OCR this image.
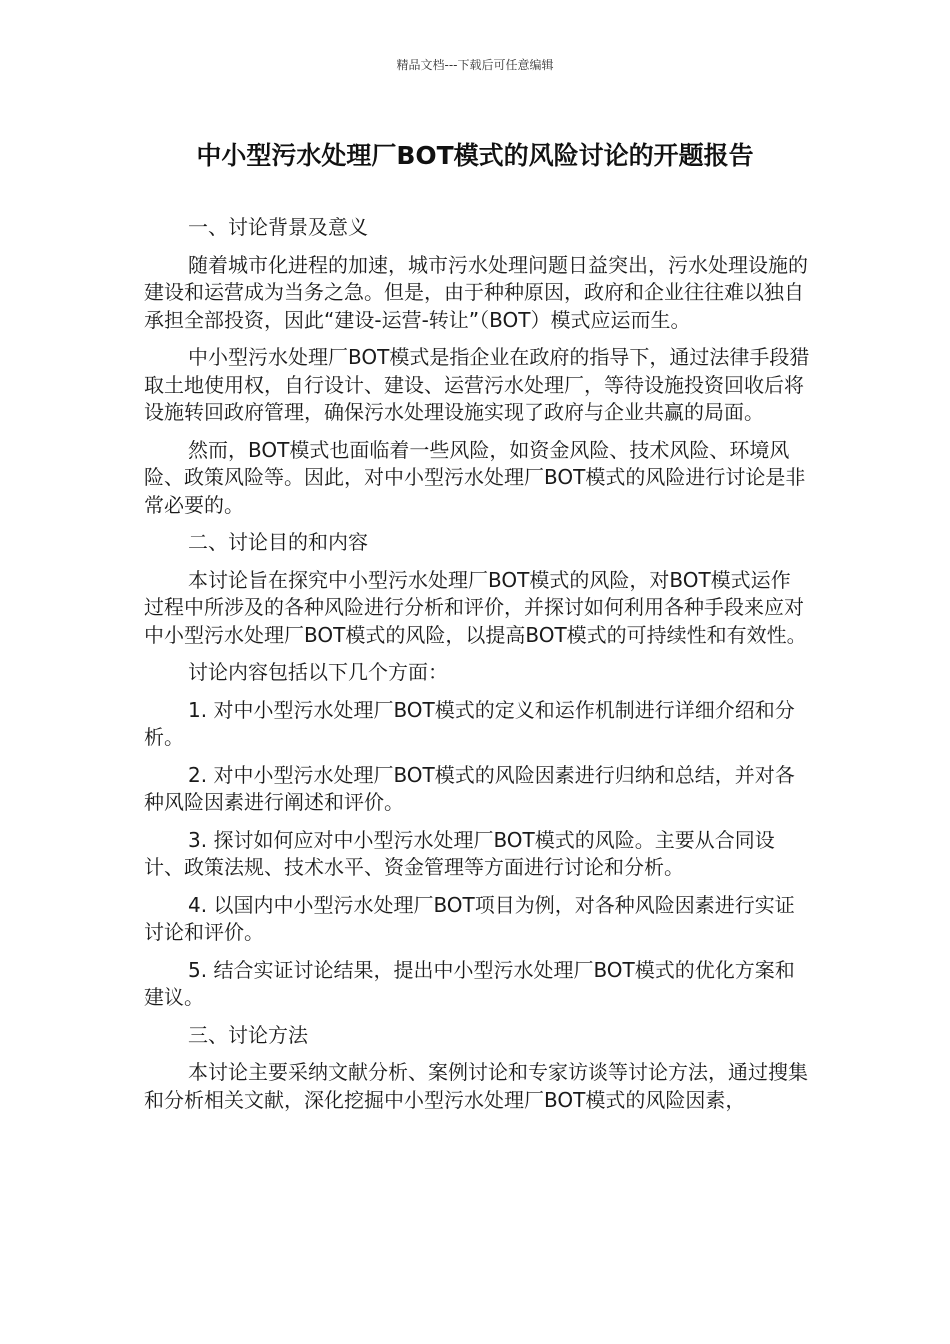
精品文档---下载后可任意编辑
中小型污水处理厂BOT模式的风险讨论的开题报告
一、讨论背景及意义

随着城市化进程的加速，城市污水处理问题日益突出，污水处理设施的建设和运营成为当务之急。但是，由于种种原因，政府和企业往往难以独自承担全部投资，因此“建设-运营-转让”（BOT）模式应运而生。

中小型污水处理厂BOT模式是指企业在政府的指导下，通过法律手段猎取土地使用权，自行设计、建设、运营污水处理厂，等待设施投资回收后将设施转回政府管理，确保污水处理设施实现了政府与企业共赢的局面。

然而，BOT模式也面临着一些风险，如资金风险、技术风险、环境风险、政策风险等。因此，对中小型污水处理厂BOT模式的风险进行讨论是非常必要的。

二、讨论目的和内容

本讨论旨在探究中小型污水处理厂BOT模式的风险，对BOT模式运作过程中所涉及的各种风险进行分析和评价，并探讨如何利用各种手段来应对中小型污水处理厂BOT模式的风险，以提高BOT模式的可持续性和有效性。

讨论内容包括以下几个方面：

1. 对中小型污水处理厂BOT模式的定义和运作机制进行详细介绍和分析。

2. 对中小型污水处理厂BOT模式的风险因素进行归纳和总结，并对各种风险因素进行阐述和评价。

3. 探讨如何应对中小型污水处理厂BOT模式的风险。主要从合同设计、政策法规、技术水平、资金管理等方面进行讨论和分析。

4. 以国内中小型污水处理厂BOT项目为例，对各种风险因素进行实证讨论和评价。

5. 结合实证讨论结果，提出中小型污水处理厂BOT模式的优化方案和建议。

三、讨论方法

本讨论主要采纳文献分析、案例讨论和专家访谈等讨论方法，通过搜集和分析相关文献，深化挖掘中小型污水处理厂BOT模式的风险因素，
